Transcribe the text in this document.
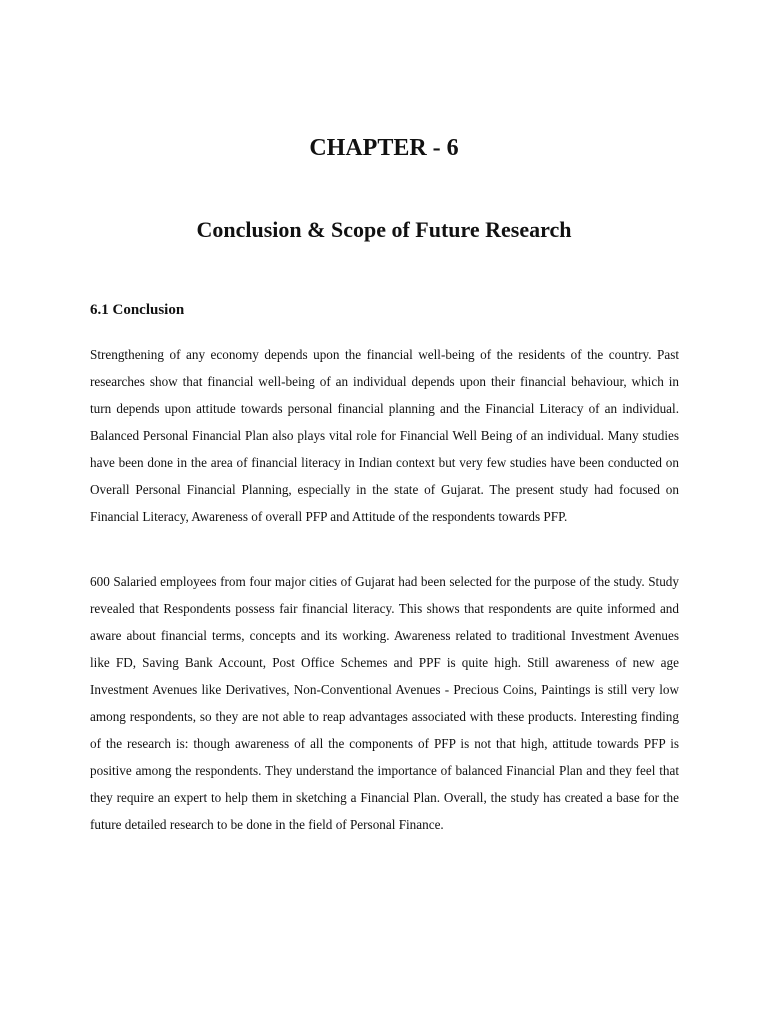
CHAPTER - 6
Conclusion & Scope of Future Research
6.1 Conclusion

Strengthening of any economy depends upon the financial well-being of the residents of the country. Past researches show that financial well-being of an individual depends upon their financial behaviour, which in turn depends upon attitude towards personal financial planning and the Financial Literacy of an individual. Balanced Personal Financial Plan also plays vital role for Financial Well Being of an individual. Many studies have been done in the area of financial literacy in Indian context but very few studies have been conducted on Overall Personal Financial Planning, especially in the state of Gujarat. The present study had focused on Financial Literacy, Awareness of overall PFP and Attitude of the respondents towards PFP.

600 Salaried employees from four major cities of Gujarat had been selected for the purpose of the study. Study revealed that Respondents possess fair financial literacy. This shows that respondents are quite informed and aware about financial terms, concepts and its working. Awareness related to traditional Investment Avenues like FD, Saving Bank Account, Post Office Schemes and PPF is quite high. Still awareness of new age Investment Avenues like Derivatives, Non-Conventional Avenues - Precious Coins, Paintings is still very low among respondents, so they are not able to reap advantages associated with these products. Interesting finding of the research is: though awareness of all the components of PFP is not that high, attitude towards PFP is positive among the respondents. They understand the importance of balanced Financial Plan and they feel that they require an expert to help them in sketching a Financial Plan. Overall, the study has created a base for the future detailed research to be done in the field of Personal Finance.
